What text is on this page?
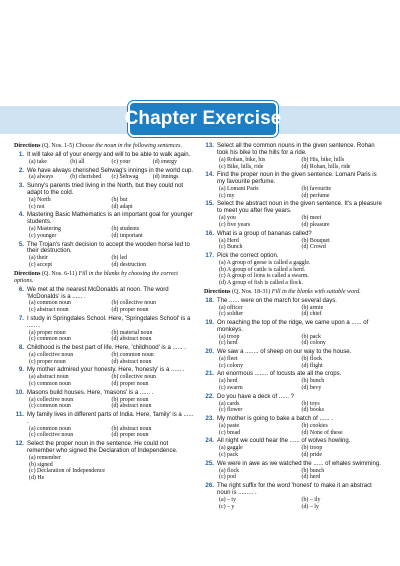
Chapter Exercise
Directions (Q. Nos. 1-5) Choose the noun in the following sentences.
1. It will take all of your energy and will to be able to walk again.
(a) take	(b) all	(c) your	(d) energy
2. We have always cherished Sehwag's innings in the world cup.
(a) always	(b) cherished	(c) Sehwag	(d) innings
3. Sunny's parents tried living in the North, but they could not adapt to the cold.
(a) North	(b) but
(c) not	(d) adapt
4. Mastering Basic Mathematics is an important goal for younger students.
(a) Mastering	(b) students
(c) younger	(d) important
5. The Trojan's rash decision to accept the wooden horse led to their destruction.
(a) their	(b) led
(c) accept	(d) destruction
Directions (Q. Nos. 6-11) Fill in the blanks by choosing the correct options.
6. We met at the nearest McDonalds at noon. The word 'McDonalds' is a ...... .
(a) common noun	(b) collective noun
(c) abstract noun	(d) proper noun
7. I study in Springdales School. Here, 'Springdales School' is a ...... .
(a) proper noun	(b) material noun
(c) common noun	(d) abstract noun
8. Childhood is the best part of life. Here, 'childhood' is a ...... .
(a) collective noun	(b) common noun
(c) proper noun	(d) abstract noun
9. My mother admired your honesty. Here, 'honesty' is a ...... .
(a) abstract noun	(b) collective noun
(c) common noun	(d) proper noun
10. Masons build houses. Here, 'masons' is a ...... .
(a) collective noun	(b) proper noun
(c) common noun	(d) abstract noun
11. My family lives in different parts of India. Here, 'family' is a ...... .
(a) common noun	(b) abstract noun
(c) collective noun	(d) proper noun
12. Select the proper noun in the sentence. He could not remember who signed the Declaration of Independence.
(a) remember
(b) signed
(c) Declaration of Independence
(d) He
13. Select all the common nouns in the given sentence. Rohan took his bike to the hills for a ride.
(a) Rohan, bike, his	(b) His, bike, hills
(c) Bike, hills, ride	(d) Rohan, hills, ride
14. Find the proper noun in the given sentence. Lomani Paris is my favourite perfume.
(a) Lomani Paris	(b) favourite
(c) my	(d) perfume
15. Select the abstract noun in the given sentence. It's a pleasure to meet you after five years.
(a) you	(b) meet
(c) five years	(d) pleasure
16. What is a group of bananas called?
(a) Herd	(b) Bouquet
(c) Bunch	(d) Crowd
17. Pick the correct option.
(a) A group of geese is called a gaggle.
(b) A group of cattle is called a herd.
(c) A group of lions is called a swarm.
(d) A group of fish is called a flock.
Directions (Q. Nos. 18-31) Fill in the blanks with suitable word.
18. The ...... were on the march for several days.
(a) officer	(b) armie
(c) soldier	(d) chief
19. On reaching the top of the ridge, we came upon a ...... of monkeys.
(a) troop	(b) pack
(c) herd	(d) colony
20. We saw a ........ of sheep on our way to the house.
(a) fleet	(b) flock
(c) colony	(d) flight
21. An enormous ........ of locusts ate all the crops.
(a) herd	(b) bunch
(c) swarm	(d) bevy
22. Do you have a deck of ...... ?
(a) cards	(b) toys
(c) flower	(d) books
23. My mother is going to bake a batch of ...... .
(a) paste	(b) cookies
(c) bread	(d) None of these
24. All night we could hear the ...... of wolves howling.
(a) gaggle	(b) troop
(c) pack	(d) pride
25. We were in awe as we watched the ...... of whales swimming.
(a) flock	(b) bunch
(c) pod	(d) herd
26. The right suffix for the word 'honest' to make it an abstract noun is ......... .
(a) – ty	(b) – ily
(c) – y	(d) – ly
